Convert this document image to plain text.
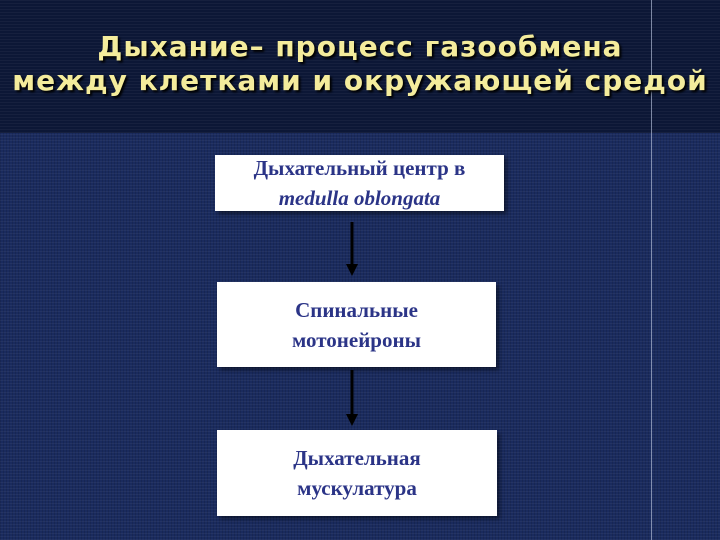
Дыхание– процесс газообмена
между клетками и окружающей средой
Дыхательный центр в
medulla oblongata
Спинальные
мотонейроны
Дыхательная
мускулатура
